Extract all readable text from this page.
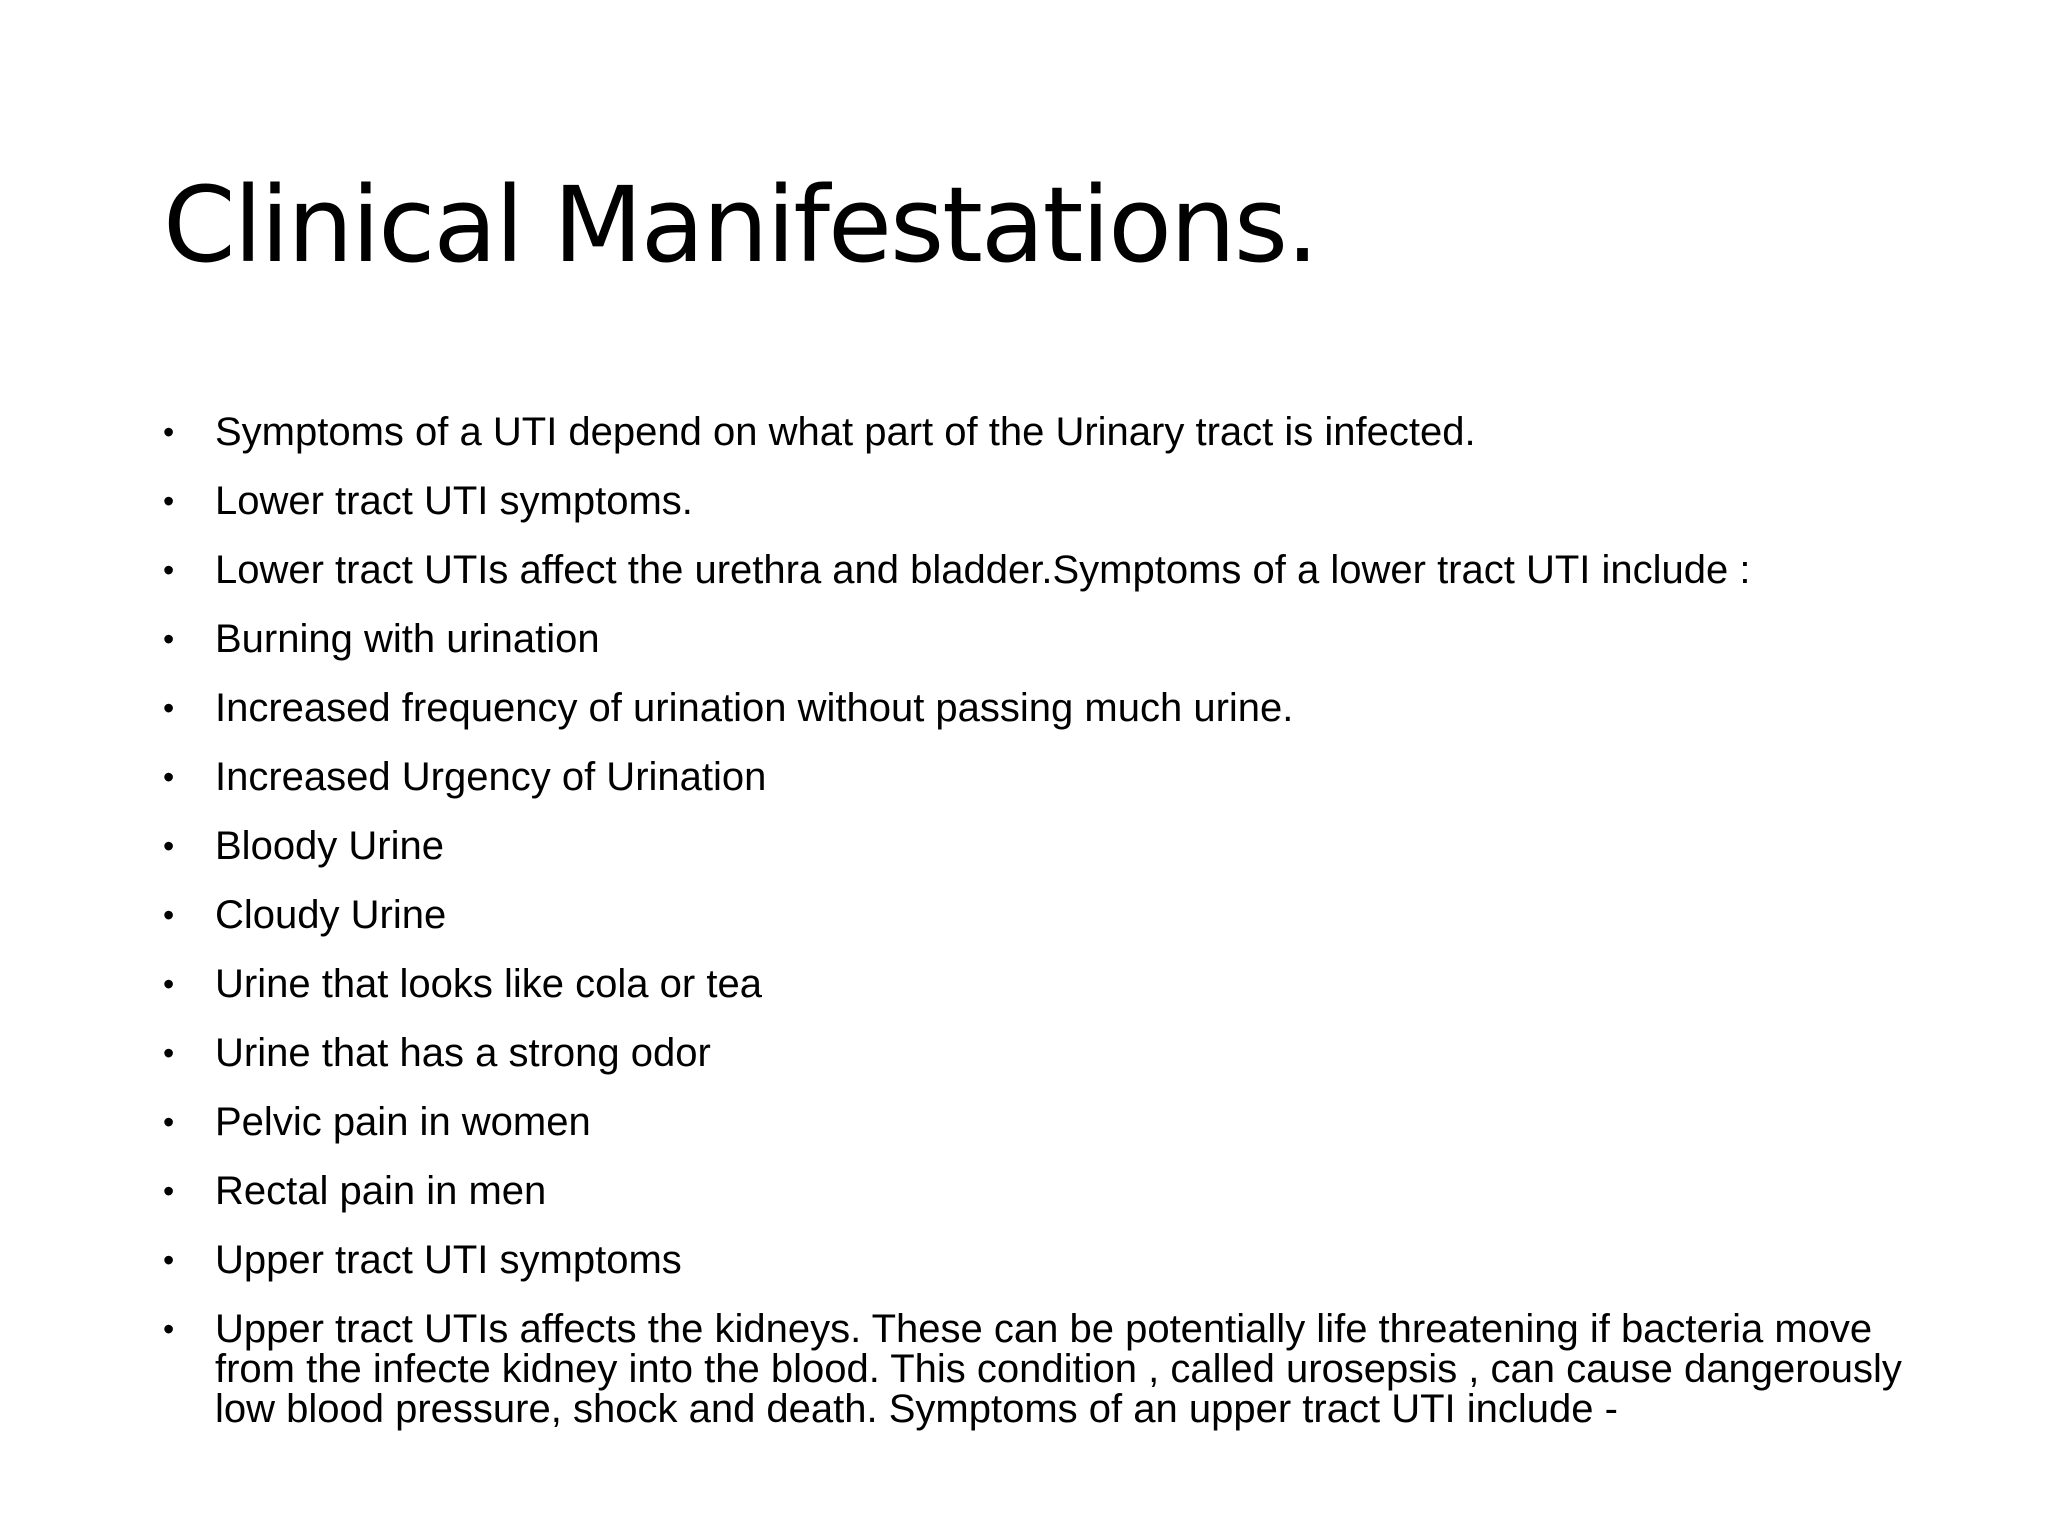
Clinical Manifestations.
• Symptoms of a UTI depend on what part of the Urinary tract is infected.
• Lower tract UTI symptoms.
• Lower tract UTIs affect the urethra and bladder.Symptoms of a lower tract UTI include :
• Burning with urination
• Increased frequency of urination without passing much urine.
• Increased Urgency of Urination
• Bloody Urine
• Cloudy Urine
• Urine that looks like cola or tea
• Urine that has a strong odor
• Pelvic pain in women
• Rectal pain in men
• Upper tract UTI symptoms
• Upper tract UTIs affects the kidneys. These can be potentially life threatening if bacteria move from the infecte kidney into the blood. This condition , called urosepsis , can cause dangerously low blood pressure, shock and death. Symptoms of an upper tract UTI include -
